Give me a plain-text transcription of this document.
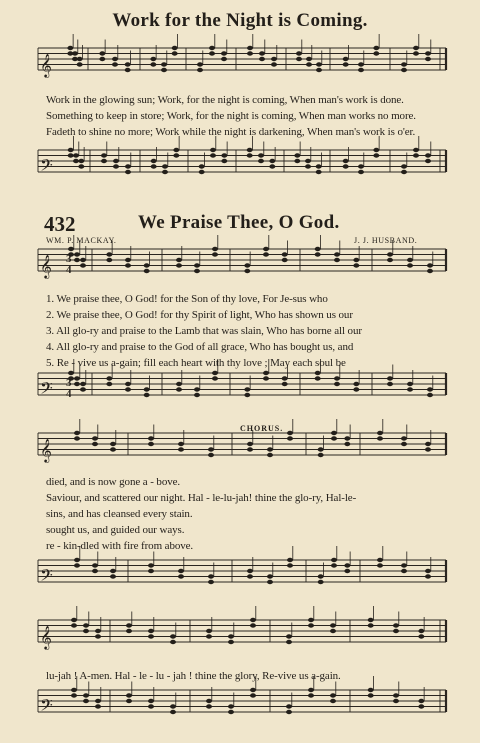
𝄞
𝄢
𝄞
𝄢
𝄞
𝄢
𝄞
𝄢
3
4
3
4
Work for the Night is Coming.
Work in the glowing sun; Work, for the night is coming, When man's work is done.
Something to keep in store; Work, for the night is coming, When man works no more.
Fadeth to shine no more; Work while the night is darkening, When man's work is o'er.
432	We Praise Thee, O God.
WM. P. MACKAY.	J. J. HUSBAND.
1. We praise thee, O God! for the Son of thy love, For Je-sus who
2. We praise thee, O God! for thy Spirit of light, Who has shown us our
3. All glo-ry and praise to the Lamb that was slain, Who has borne all our
4. All glo-ry and praise to the God of all grace, Who has bought us, and
5. Re - vive us a-gain; fill each heart with thy love ; May each soul be
CHORUS.
died, and is now gone a - bove.
Saviour, and scattered our night. Hal - le-lu-jah! thine the glo-ry, Hal-le-
sins, and has cleansed every stain.
sought us, and guided our ways.
re - kin-dled with fire from above.
lu-jah ! A-men. Hal - le - lu - jah ! thine the glory, Re-vive us a-gain.
